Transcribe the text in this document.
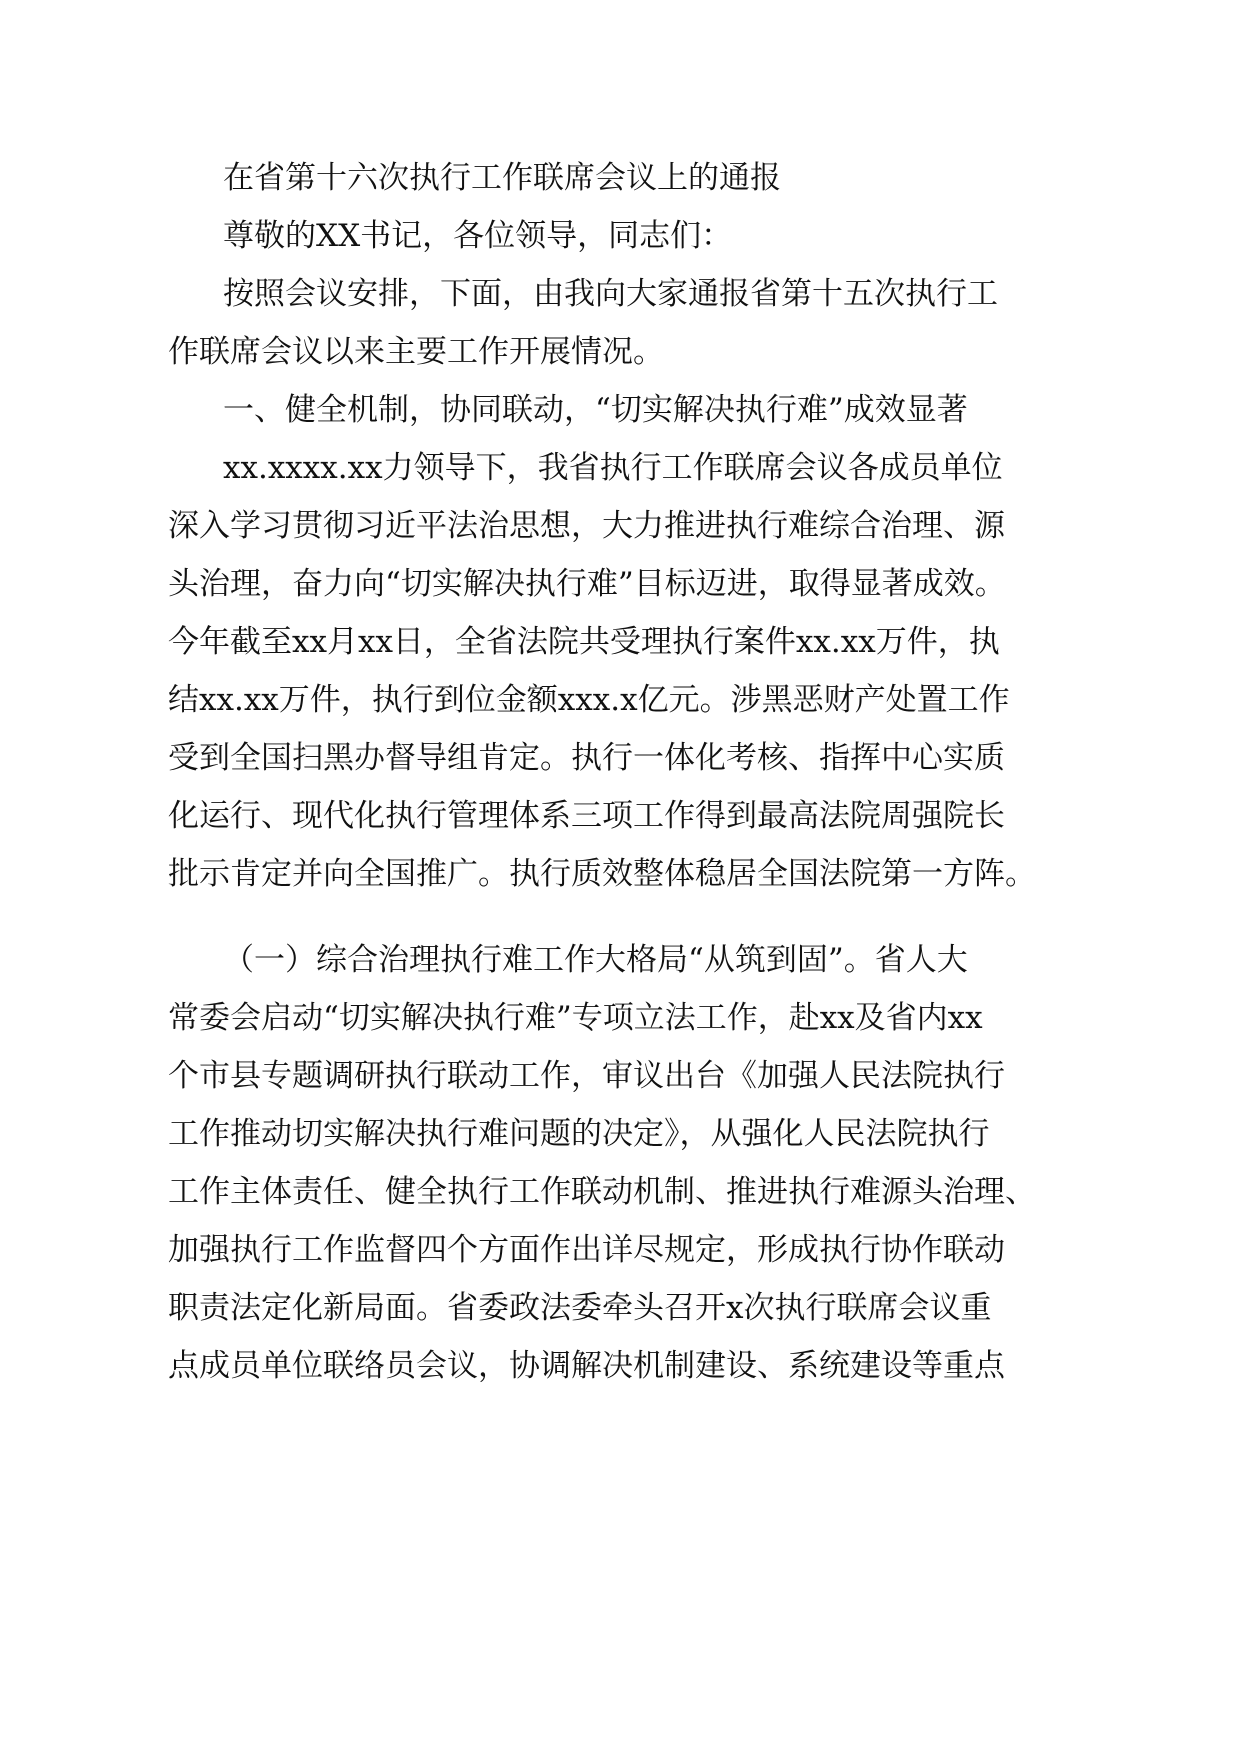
在省第十六次执行工作联席会议上的通报
尊敬的XX书记，各位领导，同志们：
按照会议安排，下面，由我向大家通报省第十五次执行工
作联席会议以来主要工作开展情况。
一、健全机制，协同联动，“切实解决执行难”成效显著
xx.xxxx.xx力领导下，我省执行工作联席会议各成员单位
深入学习贯彻习近平法治思想，大力推进执行难综合治理、源
头治理，奋力向“切实解决执行难”目标迈进，取得显著成效。
今年截至xx月xx日，全省法院共受理执行案件xx.xx万件，执
结xx.xx万件，执行到位金额xxx.x亿元。涉黑恶财产处置工作
受到全国扫黑办督导组肯定。执行一体化考核、指挥中心实质
化运行、现代化执行管理体系三项工作得到最高法院周强院长
批示肯定并向全国推广。执行质效整体稳居全国法院第一方阵。
（一）综合治理执行难工作大格局“从筑到固”。省人大
常委会启动“切实解决执行难”专项立法工作，赴xx及省内xx
个市县专题调研执行联动工作，审议出台《加强人民法院执行
工作推动切实解决执行难问题的决定》，从强化人民法院执行
工作主体责任、健全执行工作联动机制、推进执行难源头治理、
加强执行工作监督四个方面作出详尽规定，形成执行协作联动
职责法定化新局面。省委政法委牵头召开x次执行联席会议重
点成员单位联络员会议，协调解决机制建设、系统建设等重点
